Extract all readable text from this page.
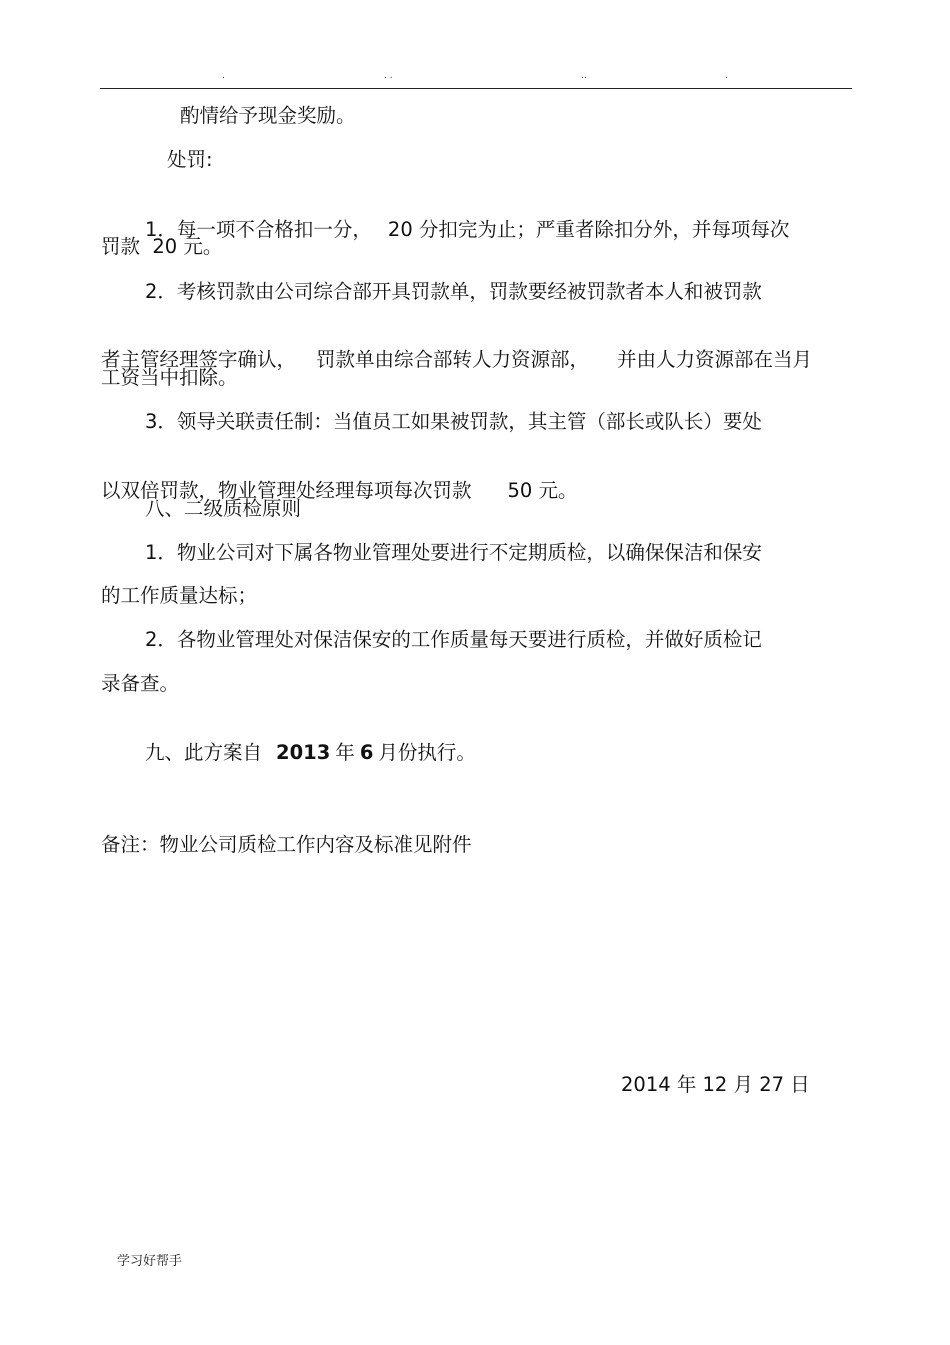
.	. .	..	.
酌情给予现金奖励。
处罚:

1．每一项不合格扣一分， 20 分扣完为止；严重者除扣分外，并每项每次
罚款  20 元。
2．考核罚款由公司综合部开具罚款单，罚款要经被罚款者本人和被罚款

者主管经理签字确认， 罚款单由综合部转人力资源部， 并由人力资源部在当月
工资当中扣除。
3．领导关联责任制：当值员工如果被罚款，其主管（部长或队长）要处

以双倍罚款，物业管理处经理每项每次罚款 50 元。
八、二级质检原则
1．物业公司对下属各物业管理处要进行不定期质检，以确保保洁和保安
的工作质量达标；
2．各物业管理处对保洁保安的工作质量每天要进行质检，并做好质检记
录备查。

九、此方案自 2013 年 6 月份执行。
备注：物业公司质检工作内容及标准见附件
2014 年 12 月 27 日
学习好帮手
